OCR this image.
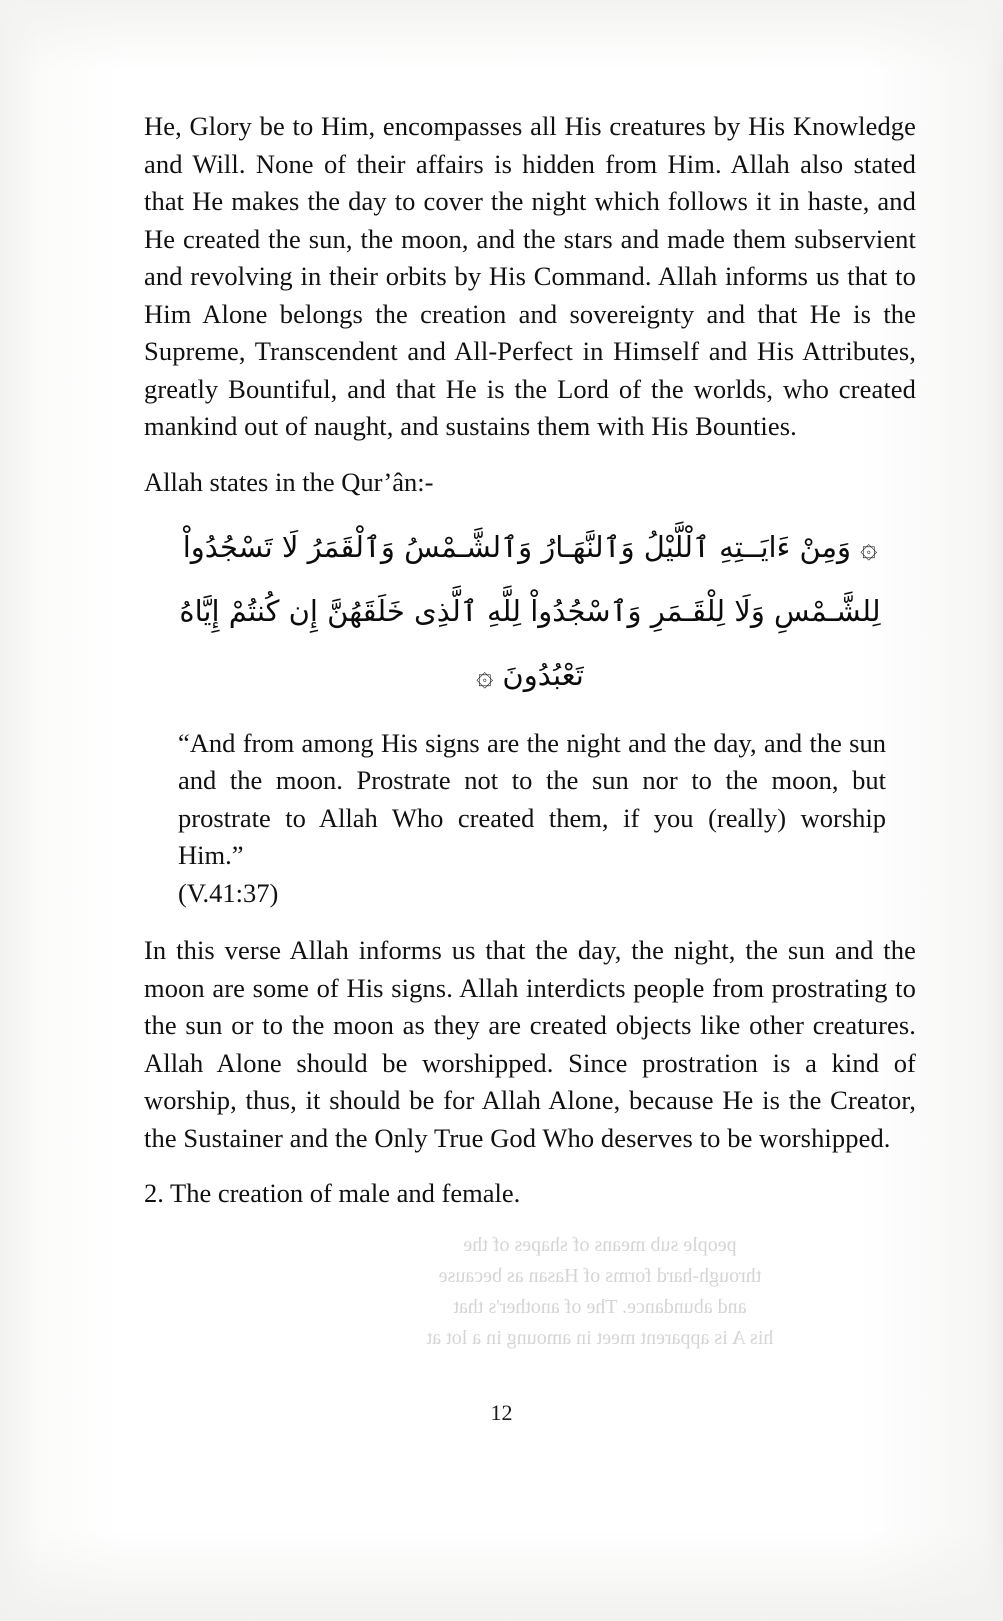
people sub means of shapes of the
through-hard forms of Hasan as because
and abundance. The of another's that
his A is apparent meet in amoung in a lot at

He, Glory be to Him, encompasses all His creatures by His Knowledge and Will. None of their affairs is hidden from Him. Allah also stated that He makes the day to cover the night which follows it in haste, and He created the sun, the moon, and the stars and made them subservient and revolving in their orbits by His Command. Allah informs us that to Him Alone belongs the creation and sovereignty and that He is the Supreme, Transcendent and All-Perfect in Himself and His Attributes, greatly Bountiful, and that He is the Lord of the worlds, who created mankind out of naught, and sustains them with His Bounties.

Allah states in the Qur’ân:-

۞ وَمِنْ ءَايَــتِهِ ٱلْلَّيْلُ وَٱلنَّهَـارُ وَٱلشَّـمْسُ وَٱلْقَمَرُ لَا تَسْجُدُواْ
لِلشَّـمْسِ وَلَا لِلْقَـمَرِ وَٱسْجُدُواْ لِلَّهِ ٱلَّذِى خَلَقَهُنَّ إِن كُنتُمْ إِيَّاهُ
تَعْبُدُونَ ۞
“And from among His signs are the night and the day, and the sun and the moon. Prostrate not to the sun nor to the moon, but prostrate to Allah Who created them, if you (really) worship Him.”
(V.41:37)

In this verse Allah informs us that the day, the night, the sun and the moon are some of His signs. Allah interdicts people from prostrating to the sun or to the moon as they are created objects like other creatures. Allah Alone should be worshipped. Since prostration is a kind of worship, thus, it should be for Allah Alone, because He is the Creator, the Sustainer and the Only True God Who deserves to be worshipped.

2. The creation of male and female.

12
